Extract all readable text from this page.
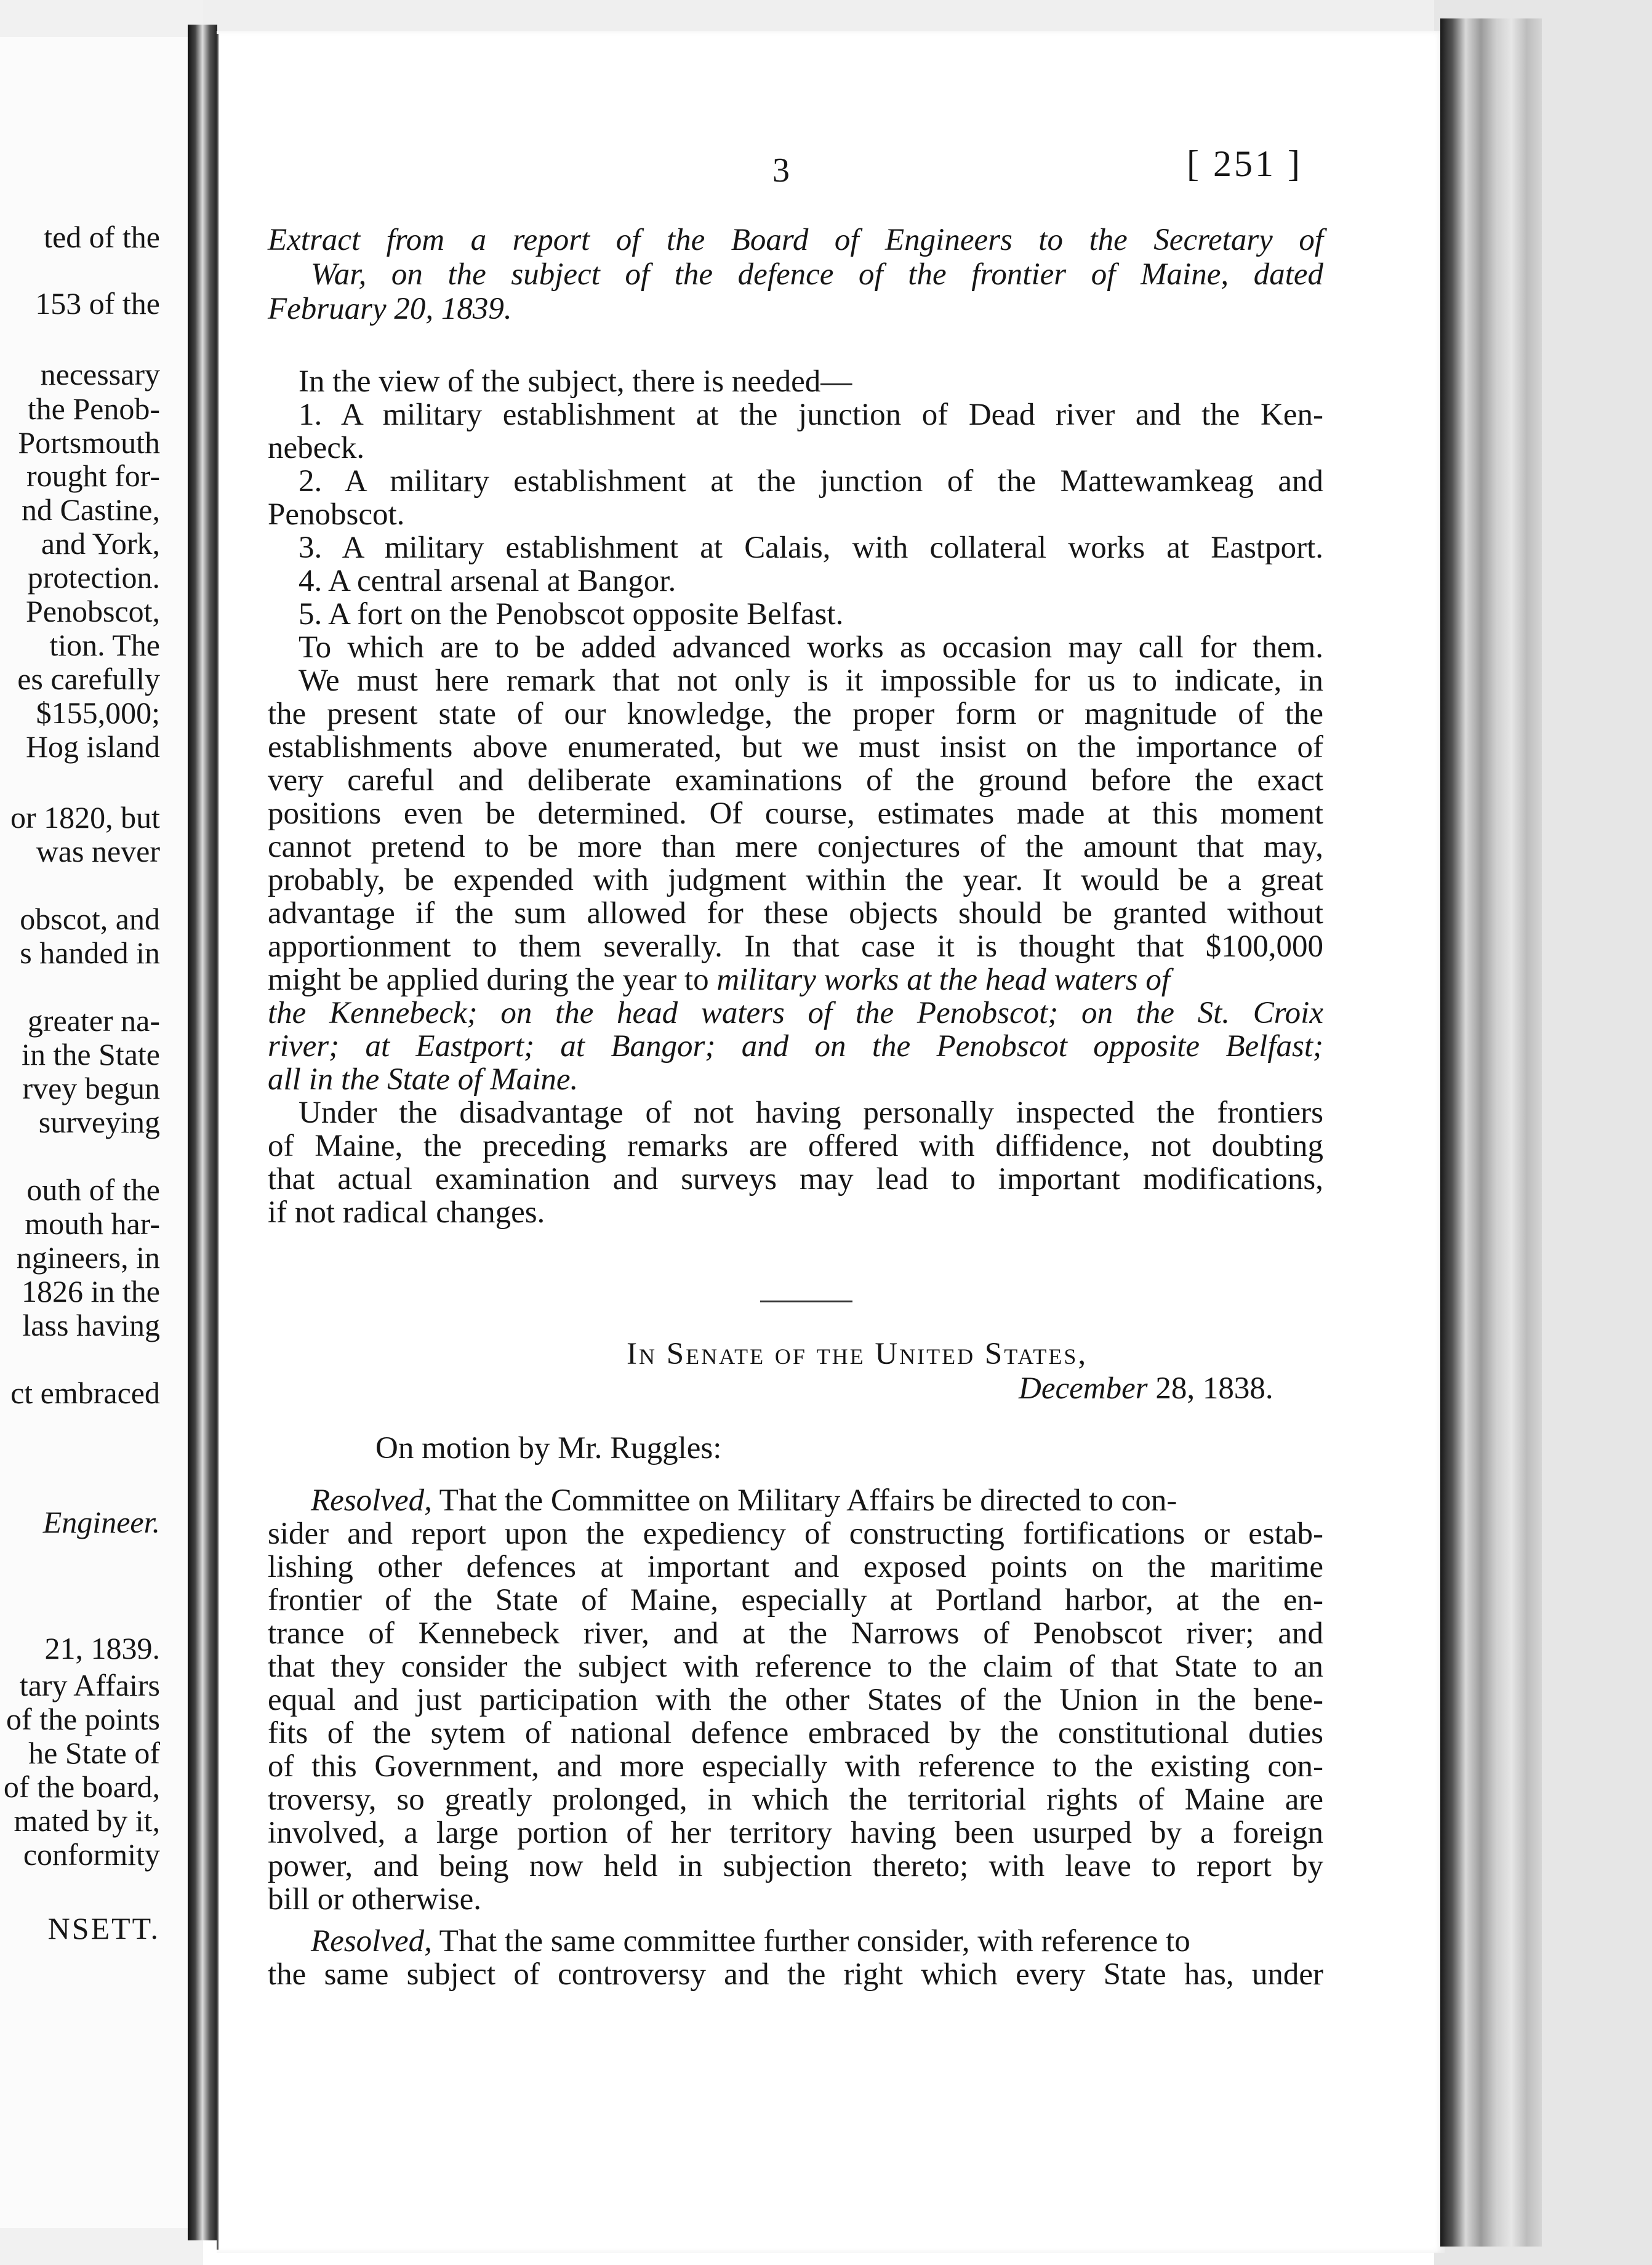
ted of the
153 of the
necessary
the Penob-
Portsmouth
rought for-
nd Castine,
and York,
protection.
Penobscot,
tion. The
es carefully
$155,000;
Hog island
or 1820, but
was never
obscot, and
s handed in
greater na-
in the State
rvey begun
surveying
outh of the
mouth har-
ngineers, in
1826 in the
lass having
ct embraced
Engineer.
21, 1839.
tary Affairs
of the points
he State of
of the board,
mated by it,
conformity
NSETT.
3	[ 251 ]
Extract from a report of the Board of Engineers to the Secretary of
War, on the subject of the defence of the frontier of Maine, dated
February 20, 1839.
In the view of the subject, there is needed—
1. A military establishment at the junction of Dead river and the Ken-
nebeck.
2. A military establishment at the junction of the Mattewamkeag and
Penobscot.
3. A military establishment at Calais, with collateral works at Eastport.
4. A central arsenal at Bangor.
5. A fort on the Penobscot opposite Belfast.
To which are to be added advanced works as occasion may call for them.
We must here remark that not only is it impossible for us to indicate, in
the present state of our knowledge, the proper form or magnitude of the
establishments above enumerated, but we must insist on the importance of
very careful and deliberate examinations of the ground before the exact
positions even be determined. Of course, estimates made at this moment
cannot pretend to be more than mere conjectures of the amount that may,
probably, be expended with judgment within the year. It would be a great
advantage if the sum allowed for these objects should be granted without
apportionment to them severally. In that case it is thought that $100,000
might be applied during the year to military works at the head waters of
the Kennebeck; on the head waters of the Penobscot; on the St. Croix
river; at Eastport; at Bangor; and on the Penobscot opposite Belfast;
all in the State of Maine.
Under the disadvantage of not having personally inspected the frontiers
of Maine, the preceding remarks are offered with diffidence, not doubting
that actual examination and surveys may lead to important modifications,
if not radical changes.
In Senate of the United States,
December 28, 1838.
On motion by Mr. Ruggles:
Resolved, That the Committee on Military Affairs be directed to con-
sider and report upon the expediency of constructing fortifications or estab-
lishing other defences at important and exposed points on the maritime
frontier of the State of Maine, especially at Portland harbor, at the en-
trance of Kennebeck river, and at the Narrows of Penobscot river; and
that they consider the subject with reference to the claim of that State to an
equal and just participation with the other States of the Union in the bene-
fits of the sytem of national defence embraced by the constitutional duties
of this Government, and more especially with reference to the existing con-
troversy, so greatly prolonged, in which the territorial rights of Maine are
involved, a large portion of her territory having been usurped by a foreign
power, and being now held in subjection thereto; with leave to report by
bill or otherwise.
Resolved, That the same committee further consider, with reference to
the same subject of controversy and the right which every State has, under
